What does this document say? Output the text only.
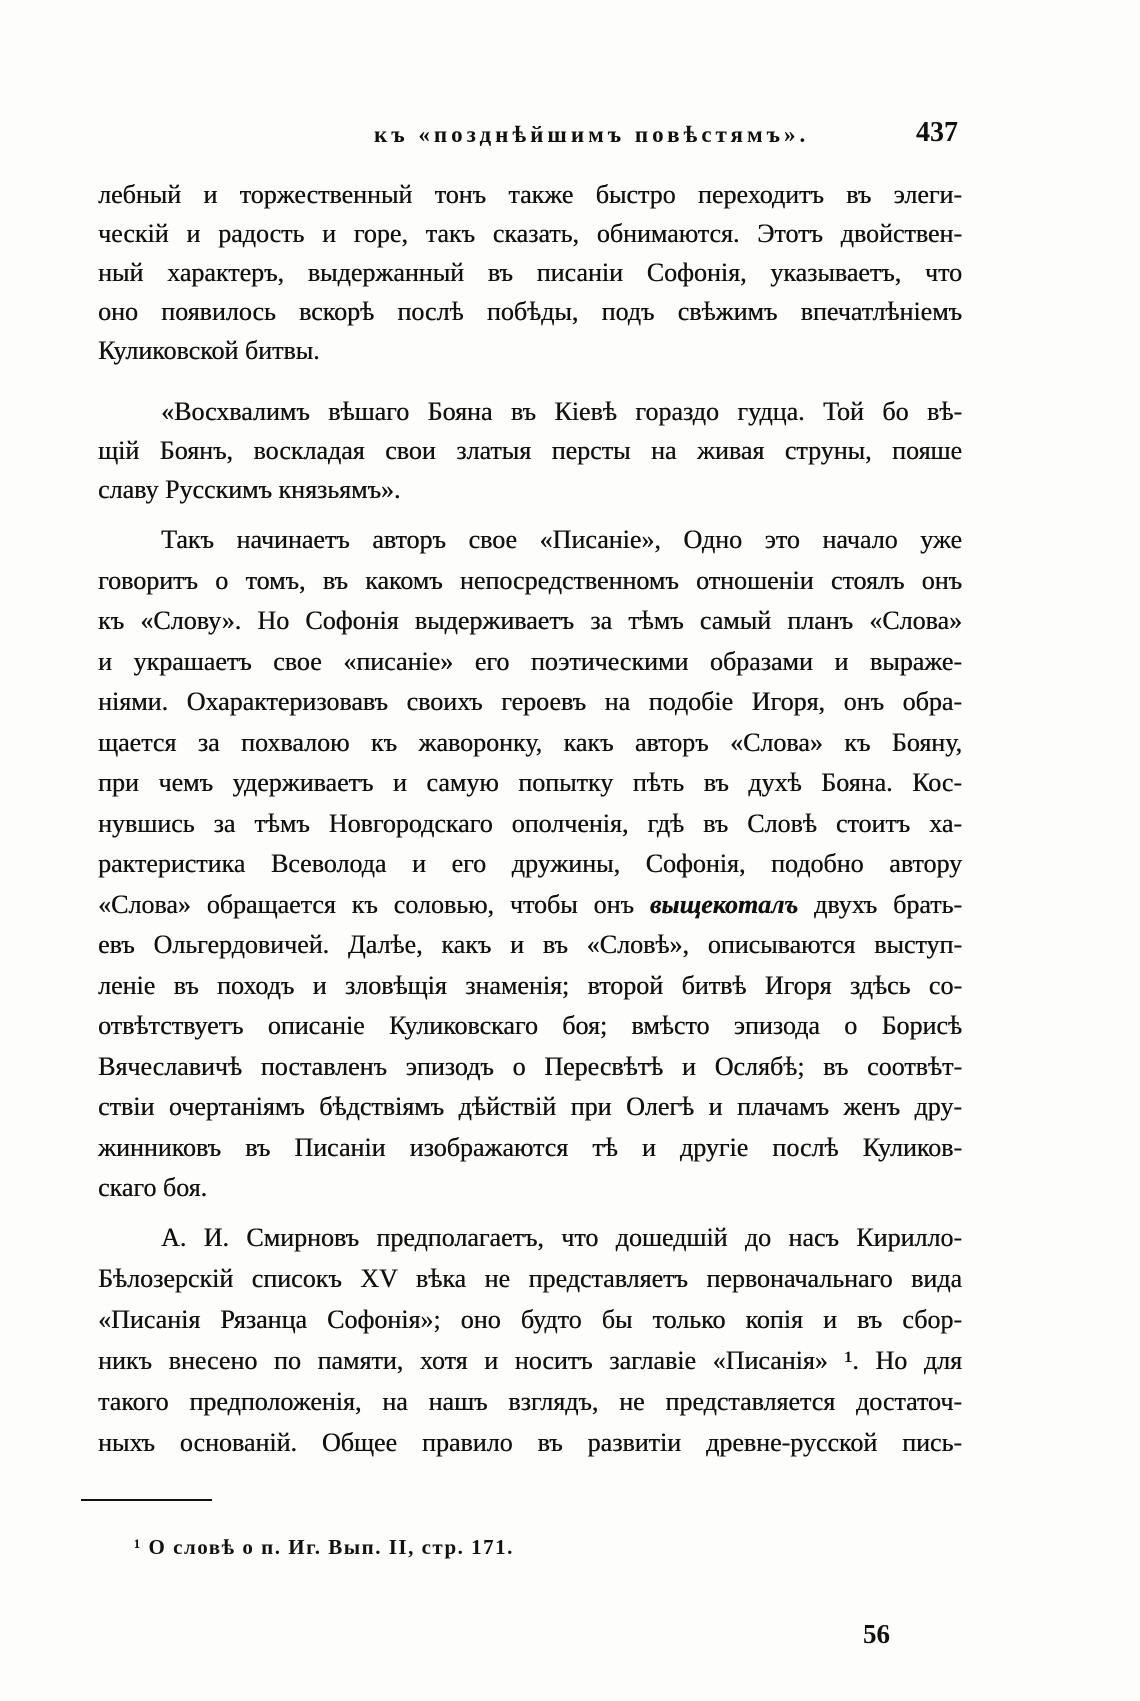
къ «позднѣйшимъ повѣстямъ».	437
лебный и торжественный тонъ также быстро переходитъ въ элеги-
ческій и радость и горе, такъ сказать, обнимаются. Этотъ двойствен-
ный характеръ, выдержанный въ писаніи Софонія, указываетъ, что
оно появилось вскорѣ послѣ побѣды, подъ свѣжимъ впечатлѣніемъ
Куликовской битвы.
«Восхвалимъ вѣшаго Бояна въ Кіевѣ гораздо гудца. Той бо вѣ-
щій Боянъ, воскладая свои златыя персты на живая струны, пояше
славу Русскимъ князьямъ».
Такъ начинаетъ авторъ свое «Писаніе», Одно это начало уже
говоритъ о томъ, въ какомъ непосредственномъ отношеніи стоялъ онъ
къ «Слову». Но Софонія выдерживаетъ за тѣмъ самый планъ «Слова»
и украшаетъ свое «писаніе» его поэтическими образами и выраже-
ніями. Охарактеризовавъ своихъ героевъ на подобіе Игоря, онъ обра-
щается за похвалою къ жаворонку, какъ авторъ «Слова» къ Бояну,
при чемъ удерживаетъ и самую попытку пѣть въ духѣ Бояна. Кос-
нувшись за тѣмъ Новгородскаго ополченія, гдѣ въ Словѣ стоитъ ха-
рактеристика Всеволода и его дружины, Софонія, подобно автору
«Слова» обращается къ соловью, чтобы онъ выщекоталъ двухъ брать-
евъ Ольгердовичей. Далѣе, какъ и въ «Словѣ», описываются выступ-
леніе въ походъ и зловѣщія знаменія; второй битвѣ Игоря здѣсь со-
отвѣтствуетъ описаніе Куликовскаго боя; вмѣсто эпизода о Борисѣ
Вячеславичѣ поставленъ эпизодъ о Пересвѣтѣ и Ослябѣ; въ соотвѣт-
ствіи очертаніямъ бѣдствіямъ дѣйствій при Олегѣ и плачамъ женъ дру-
жинниковъ въ Писаніи изображаются тѣ и другіе послѣ Куликов-
скаго боя.
А. И. Смирновъ предполагаетъ, что дошедшій до насъ Кирилло-
Бѣлозерскій списокъ XV вѣка не представляетъ первоначальнаго вида
«Писанія Рязанца Софонія»; оно будто бы только копія и въ сбор-
никъ внесено по памяти, хотя и носитъ заглавіе «Писанія» ¹. Но для
такого предположенія, на нашъ взглядъ, не представляется достаточ-
ныхъ основаній. Общее правило въ развитіи древне-русской пись-
¹ О словѣ о п. Иг. Вып. II, стр. 171.
56
